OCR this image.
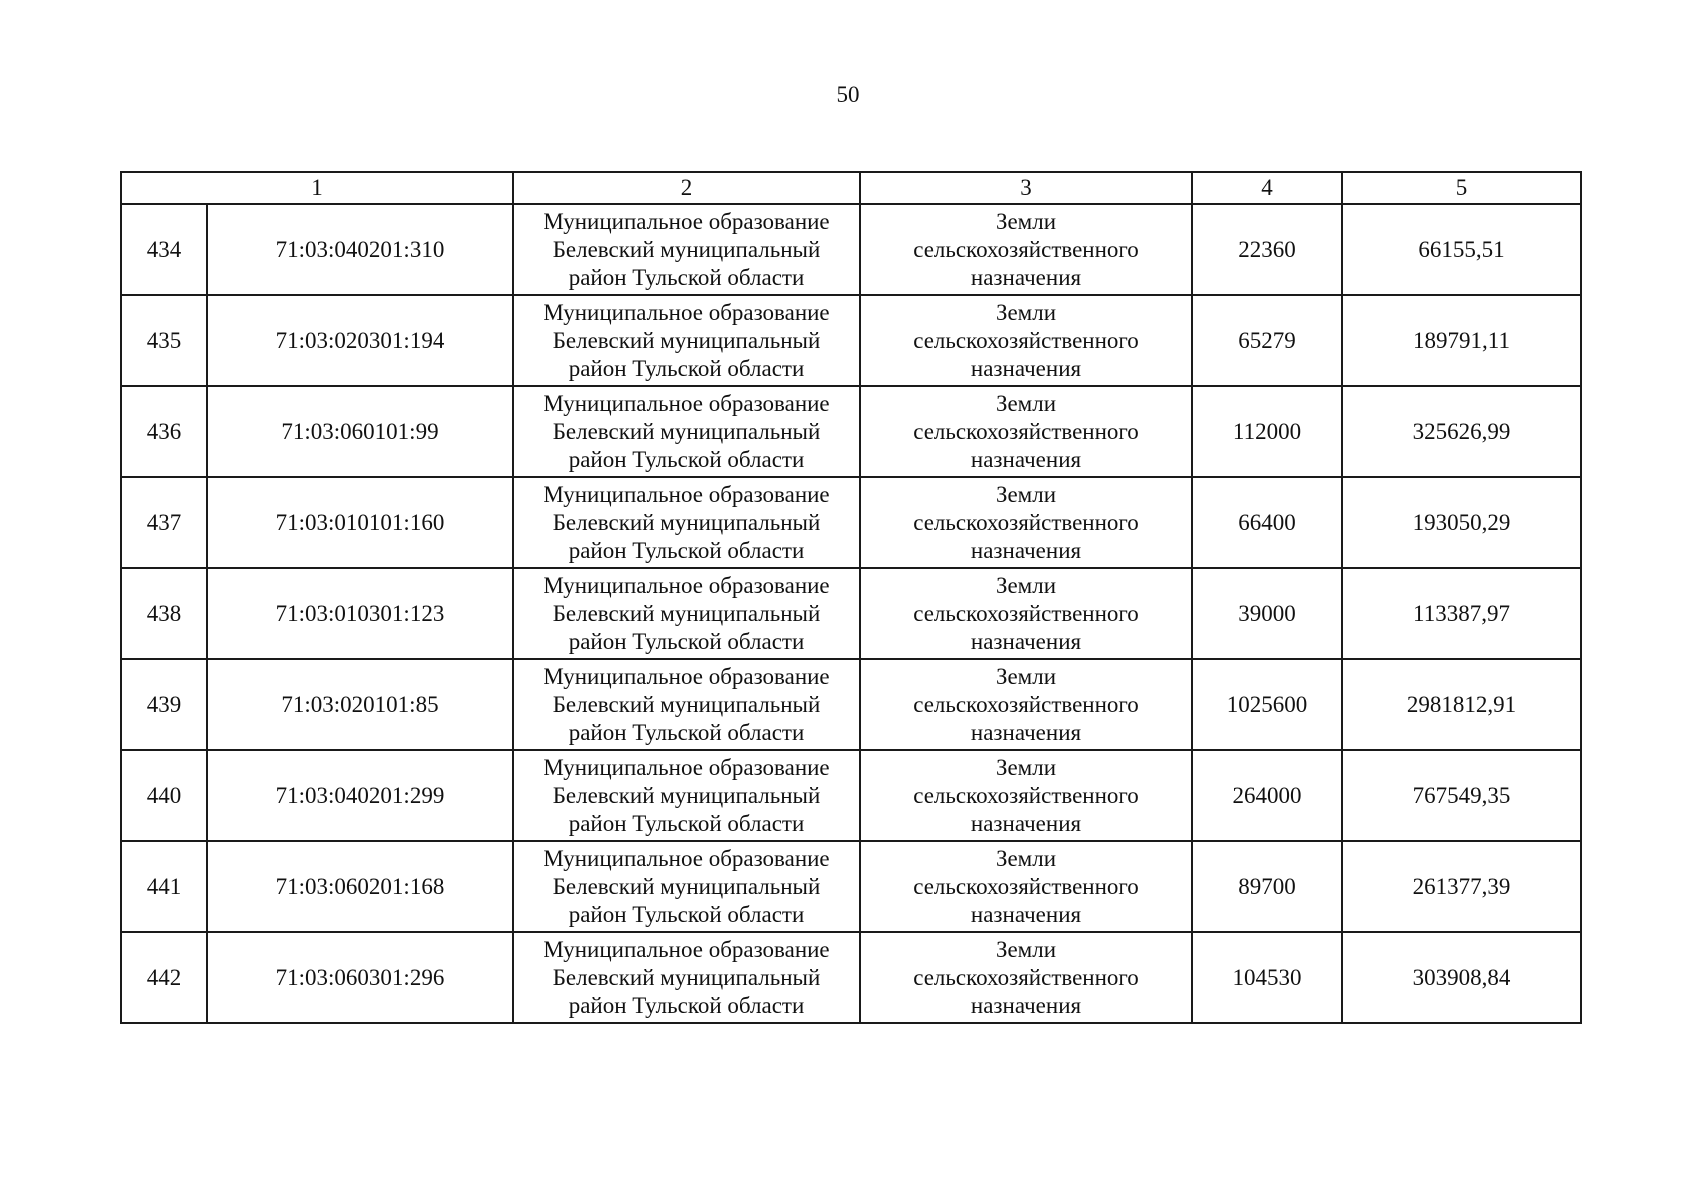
50
1		2	3	4	5
434	71:03:040201:310	Муниципальное образование
Белевский муниципальный
район Тульской области	Земли
сельскохозяйственного
назначения	22360	66155,51
435	71:03:020301:194	Муниципальное образование
Белевский муниципальный
район Тульской области	Земли
сельскохозяйственного
назначения	65279	189791,11
436	71:03:060101:99	Муниципальное образование
Белевский муниципальный
район Тульской области	Земли
сельскохозяйственного
назначения	112000	325626,99
437	71:03:010101:160	Муниципальное образование
Белевский муниципальный
район Тульской области	Земли
сельскохозяйственного
назначения	66400	193050,29
438	71:03:010301:123	Муниципальное образование
Белевский муниципальный
район Тульской области	Земли
сельскохозяйственного
назначения	39000	113387,97
439	71:03:020101:85	Муниципальное образование
Белевский муниципальный
район Тульской области	Земли
сельскохозяйственного
назначения	1025600	2981812,91
440	71:03:040201:299	Муниципальное образование
Белевский муниципальный
район Тульской области	Земли
сельскохозяйственного
назначения	264000	767549,35
441	71:03:060201:168	Муниципальное образование
Белевский муниципальный
район Тульской области	Земли
сельскохозяйственного
назначения	89700	261377,39
442	71:03:060301:296	Муниципальное образование
Белевский муниципальный
район Тульской области	Земли
сельскохозяйственного
назначения	104530	303908,84
